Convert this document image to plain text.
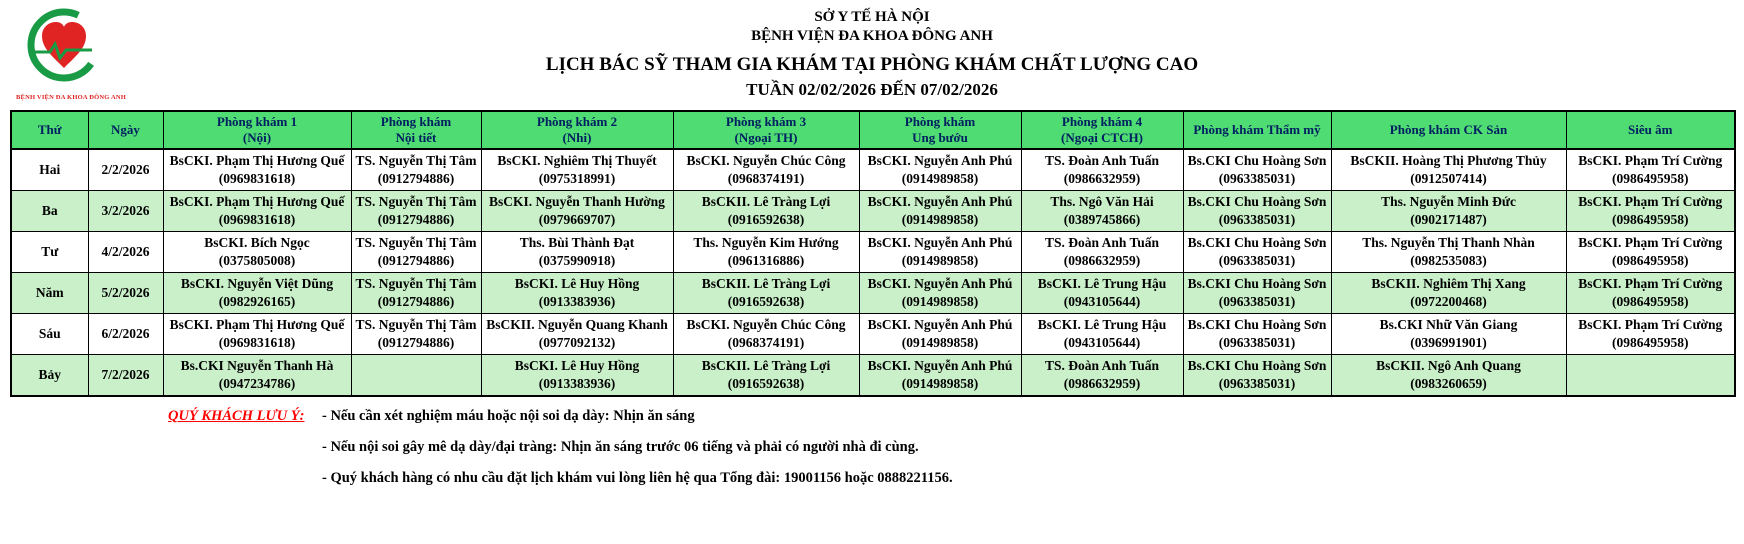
BỆNH VIỆN ĐA KHOA ĐÔNG ANH
SỞ Y TẾ HÀ NỘI
BỆNH VIỆN ĐA KHOA ĐÔNG ANH
LỊCH BÁC SỸ THAM GIA KHÁM TẠI PHÒNG KHÁM CHẤT LƯỢNG CAO
TUẦN 02/02/2026 ĐẾN 07/02/2026
Thứ	Ngày	Phòng khám 1
(Nội)	Phòng khám
Nội tiết	Phòng khám 2
(Nhi)	Phòng khám 3
(Ngoại TH)	Phòng khám
Ung bướu	Phòng khám 4
(Ngoại CTCH)	Phòng khám Thẩm mỹ	Phòng khám CK Sản	Siêu âm
Hai	2/2/2026	BsCKI. Phạm Thị Hương Quế
(0969831618)	TS. Nguyễn Thị Tâm
(0912794886)	BsCKI. Nghiêm Thị Thuyết
(0975318991)	BsCKI. Nguyễn Chúc Công
(0968374191)	BsCKI. Nguyễn Anh Phú
(0914989858)	TS. Đoàn Anh Tuấn
(0986632959)	Bs.CKI Chu Hoàng Sơn
(0963385031)	BsCKII. Hoàng Thị Phương Thủy
(0912507414)	BsCKI. Phạm Trí Cường
(0986495958)

Ba	3/2/2026	BsCKI. Phạm Thị Hương Quế
(0969831618)	TS. Nguyễn Thị Tâm
(0912794886)	BsCKI. Nguyễn Thanh Hường
(0979669707)	BsCKII. Lê Tràng Lợi
(0916592638)	BsCKI. Nguyễn Anh Phú
(0914989858)	Ths. Ngô Văn Hải
(0389745866)	Bs.CKI Chu Hoàng Sơn
(0963385031)	Ths. Nguyễn Minh Đức
(0902171487)	BsCKI. Phạm Trí Cường
(0986495958)

Tư	4/2/2026	BsCKI. Bích Ngọc
(0375805008)	TS. Nguyễn Thị Tâm
(0912794886)	Ths. Bùi Thành Đạt
(0375990918)	Ths. Nguyễn Kim Hướng
(0961316886)	BsCKI. Nguyễn Anh Phú
(0914989858)	TS. Đoàn Anh Tuấn
(0986632959)	Bs.CKI Chu Hoàng Sơn
(0963385031)	Ths. Nguyễn Thị Thanh Nhàn
(0982535083)	BsCKI. Phạm Trí Cường
(0986495958)

Năm	5/2/2026	BsCKI. Nguyễn Việt Dũng
(0982926165)	TS. Nguyễn Thị Tâm
(0912794886)	BsCKI. Lê Huy Hồng
(0913383936)	BsCKII. Lê Tràng Lợi
(0916592638)	BsCKI. Nguyễn Anh Phú
(0914989858)	BsCKI. Lê Trung Hậu
(0943105644)	Bs.CKI Chu Hoàng Sơn
(0963385031)	BsCKII. Nghiêm Thị Xang
(0972200468)	BsCKI. Phạm Trí Cường
(0986495958)

Sáu	6/2/2026	BsCKI. Phạm Thị Hương Quế
(0969831618)	TS. Nguyễn Thị Tâm
(0912794886)	BsCKII. Nguyễn Quang Khanh
(0977092132)	BsCKI. Nguyễn Chúc Công
(0968374191)	BsCKI. Nguyễn Anh Phú
(0914989858)	BsCKI. Lê Trung Hậu
(0943105644)	Bs.CKI Chu Hoàng Sơn
(0963385031)	Bs.CKI Nhữ Văn Giang
(0396991901)	BsCKI. Phạm Trí Cường
(0986495958)

Bảy	7/2/2026	Bs.CKI Nguyễn Thanh Hà
(0947234786)		BsCKI. Lê Huy Hồng
(0913383936)	BsCKII. Lê Tràng Lợi
(0916592638)	BsCKI. Nguyễn Anh Phú
(0914989858)	TS. Đoàn Anh Tuấn
(0986632959)	Bs.CKI Chu Hoàng Sơn
(0963385031)	BsCKII. Ngô Anh Quang
(0983260659)	

QUÝ KHÁCH LƯU Ý:	- Nếu cần xét nghiệm máu hoặc nội soi dạ dày: Nhịn ăn sáng
- Nếu nội soi gây mê dạ dày/đại tràng: Nhịn ăn sáng trước 06 tiếng và phải có người nhà đi cùng.
- Quý khách hàng có nhu cầu đặt lịch khám vui lòng liên hệ qua Tổng đài: 19001156 hoặc 0888221156.
